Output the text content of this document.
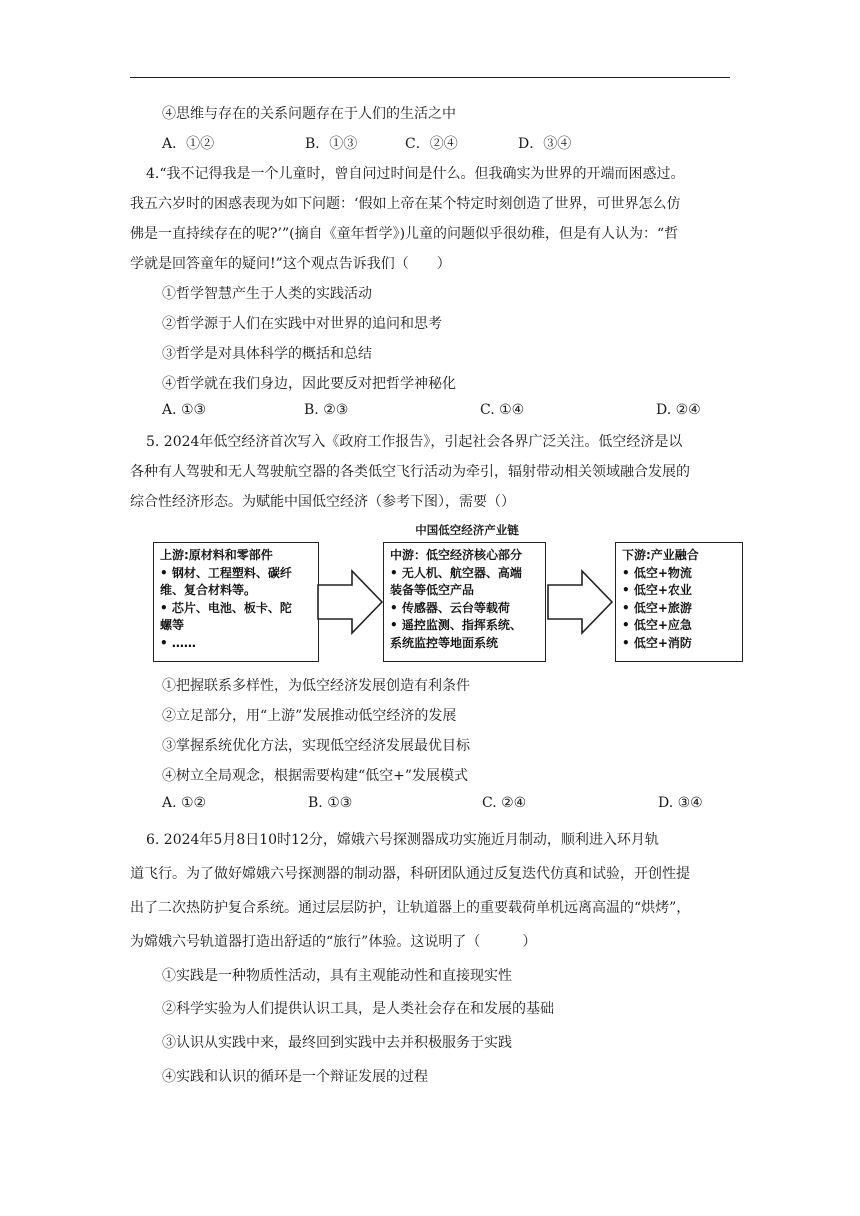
④思维与存在的关系问题存在于人们的生活之中
A．①②	B．①③	C．②④	D．③④
4.“我不记得我是一个儿童时，曾自问过时间是什么。但我确实为世界的开端而困惑过。
我五六岁时的困惑表现为如下问题：‘假如上帝在某个特定时刻创造了世界，可世界怎么仿
佛是一直持续存在的呢?’”(摘自《童年哲学》)儿童的问题似乎很幼稚，但是有人认为：“哲
学就是回答童年的疑问!”这个观点告诉我们（　　）
①哲学智慧产生于人类的实践活动
②哲学源于人们在实践中对世界的追问和思考
③哲学是对具体科学的概括和总结
④哲学就在我们身边，因此要反对把哲学神秘化
A. ①③	B. ②③	C. ①④	D. ②④
5. 2024年低空经济首次写入《政府工作报告》，引起社会各界广泛关注。低空经济是以
各种有人驾驶和无人驾驶航空器的各类低空飞行活动为牵引，辐射带动相关领域融合发展的
综合性经济形态。为赋能中国低空经济（参考下图），需要（）
中国低空经济产业链
上游:原材料和零部件
• 钢材、工程塑料、碳纤
维、复合材料等。
• 芯片、电池、板卡、陀
螺等
• ……
中游：低空经济核心部分
• 无人机、航空器、高端
装备等低空产品
• 传感器、云台等载荷
• 遥控监测、指挥系统、
系统监控等地面系统
下游:产业融合
• 低空+物流
• 低空+农业
• 低空+旅游
• 低空+应急
• 低空+消防
①把握联系多样性，为低空经济发展创造有利条件
②立足部分，用“上游”发展推动低空经济的发展
③掌握系统优化方法，实现低空经济发展最优目标
④树立全局观念，根据需要构建“低空+”发展模式
A. ①②	B. ①③	C. ②④	D. ③④
6. 2024年5月8日10时12分，嫦娥六号探测器成功实施近月制动，顺利进入环月轨
道飞行。为了做好嫦娥六号探测器的制动器，科研团队通过反复迭代仿真和试验，开创性提
出了二次热防护复合系统。通过层层防护，让轨道器上的重要载荷单机远离高温的“烘烤”，
为嫦娥六号轨道器打造出舒适的“旅行”体验。这说明了（　　　）
①实践是一种物质性活动，具有主观能动性和直接现实性
②科学实验为人们提供认识工具，是人类社会存在和发展的基础
③认识从实践中来，最终回到实践中去并积极服务于实践
④实践和认识的循环是一个辩证发展的过程
